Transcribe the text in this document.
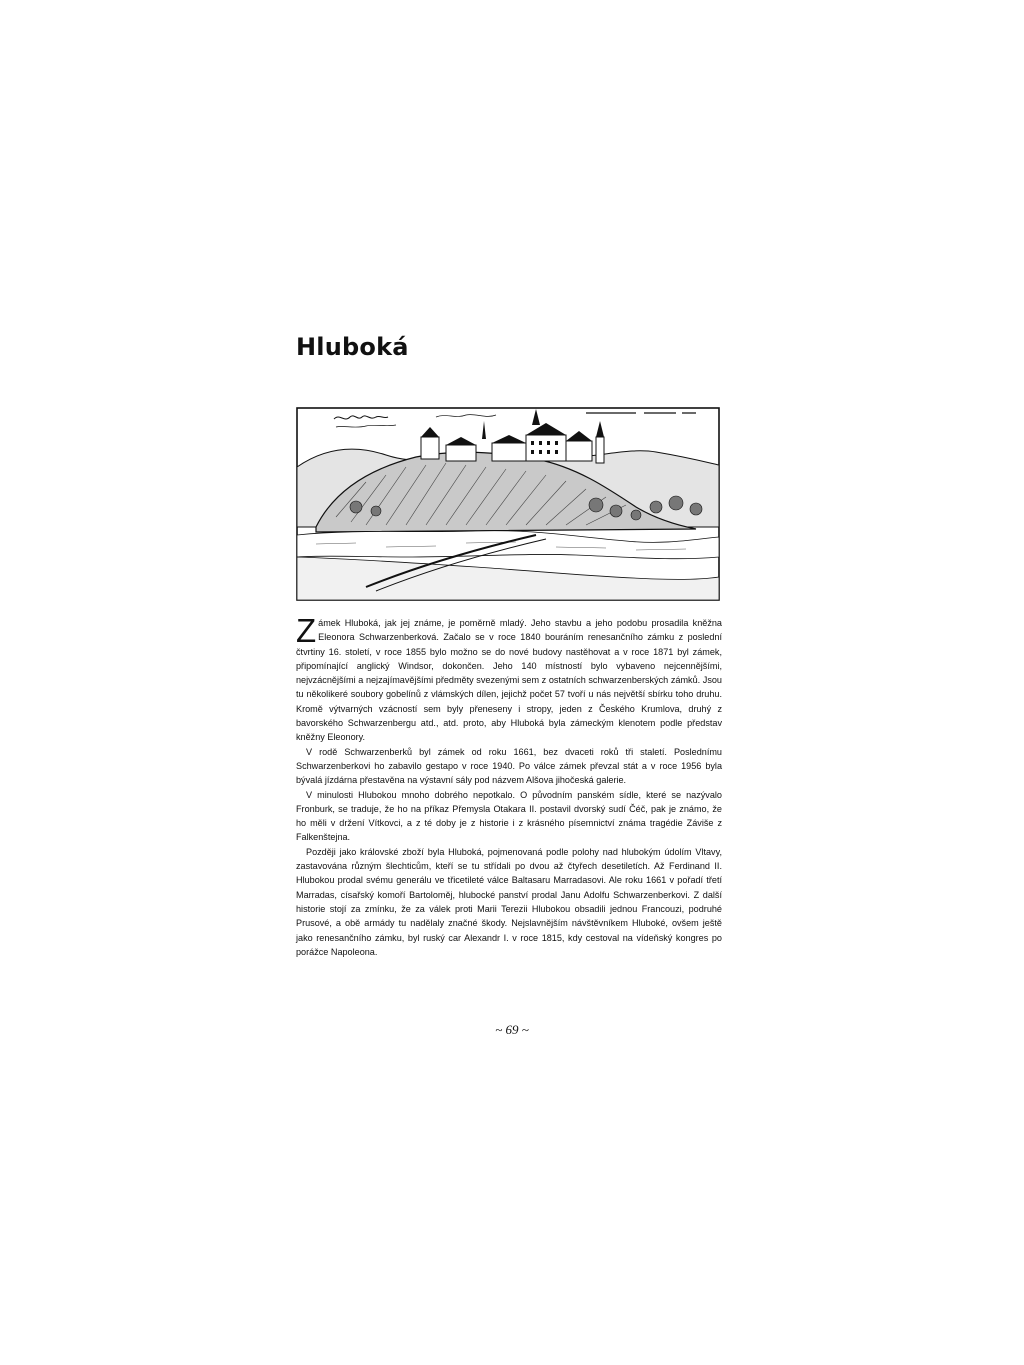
Hluboká

Zámek Hluboká, jak jej známe, je poměrně mladý. Jeho stavbu a jeho podobu prosadila kněžna Eleonora Schwarzenberková. Začalo se v roce 1840 bouráním renesančního zámku z poslední čtvrtiny 16. století, v roce 1855 bylo možno se do nové budovy nastěhovat a v roce 1871 byl zámek, připomínající anglický Windsor, dokončen. Jeho 140 místností bylo vybaveno nejcennějšími, nejvzácnějšími a nejzajímavějšími předměty svezenými sem z ostatních schwarzenberských zámků. Jsou tu několikeré soubory gobelínů z vlámských dílen, jejichž počet 57 tvoří u nás největší sbírku toho druhu. Kromě výtvarných vzácností sem byly přeneseny i stropy, jeden z Českého Krumlova, druhý z bavorského Schwarzenbergu atd., atd. proto, aby Hluboká byla zámeckým klenotem podle představ kněžny Eleonory.

V rodě Schwarzenberků byl zámek od roku 1661, bez dvaceti roků tři staletí. Poslednímu Schwarzenberkovi ho zabavilo gestapo v roce 1940. Po válce zámek převzal stát a v roce 1956 byla bývalá jízdárna přestavěna na výstavní sály pod názvem Alšova jihočeská galerie.

V minulosti Hlubokou mnoho dobrého nepotkalo. O původním panském sídle, které se nazývalo Fronburk, se traduje, že ho na příkaz Přemysla Otakara II. postavil dvorský sudí Čéč, pak je známo, že ho měli v držení Vítkovci, a z té doby je z historie i z krásného písemnictví známa tragédie Záviše z Falkenštejna.

Později jako královské zboží byla Hluboká, pojmenovaná podle polohy nad hlubokým údolím Vltavy, zastavována různým šlechticům, kteří se tu střídali po dvou až čtyřech desetiletích. Až Ferdinand II. Hlubokou prodal svému generálu ve třicetileté válce Baltasaru Marradasovi. Ale roku 1661 v pořadí třetí Marradas, císařský komoří Bartoloměj, hlubocké panství prodal Janu Adolfu Schwarzenberkovi. Z další historie stojí za zmínku, že za válek proti Marii Terezii Hlubokou obsadili jednou Francouzi, podruhé Prusové, a obě armády tu nadělaly značné škody. Nejslavnějším návštěvníkem Hluboké, ovšem ještě jako renesančního zámku, byl ruský car Alexandr I. v roce 1815, kdy cestoval na vídeňský kongres po porážce Napoleona.

~ 69 ~
